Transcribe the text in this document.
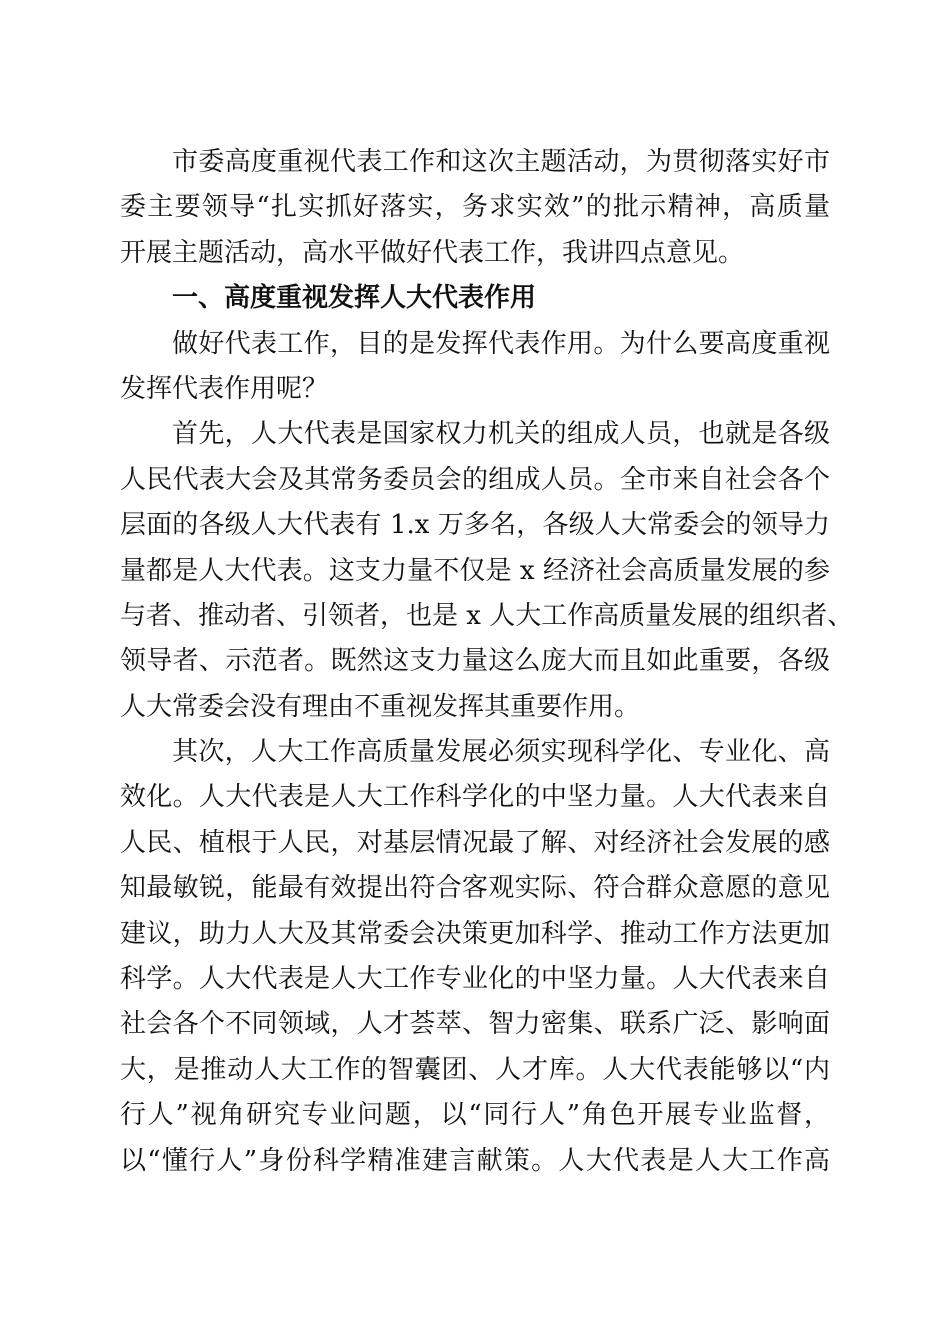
市委高度重视代表工作和这次主题活动，为贯彻落实好市
委主要领导“扎实抓好落实，务求实效”的批示精神，高质量
开展主题活动，高水平做好代表工作，我讲四点意见。
一、高度重视发挥人大代表作用
做好代表工作，目的是发挥代表作用。为什么要高度重视
发挥代表作用呢？
首先，人大代表是国家权力机关的组成人员，也就是各级
人民代表大会及其常务委员会的组成人员。全市来自社会各个
层面的各级人大代表有 1.x 万多名，各级人大常委会的领导力
量都是人大代表。这支力量不仅是 x 经济社会高质量发展的参
与者、推动者、引领者，也是 x 人大工作高质量发展的组织者、
领导者、示范者。既然这支力量这么庞大而且如此重要，各级
人大常委会没有理由不重视发挥其重要作用。
其次，人大工作高质量发展必须实现科学化、专业化、高
效化。人大代表是人大工作科学化的中坚力量。人大代表来自
人民、植根于人民，对基层情况最了解、对经济社会发展的感
知最敏锐，能最有效提出符合客观实际、符合群众意愿的意见
建议，助力人大及其常委会决策更加科学、推动工作方法更加
科学。人大代表是人大工作专业化的中坚力量。人大代表来自
社会各个不同领域，人才荟萃、智力密集、联系广泛、影响面
大，是推动人大工作的智囊团、人才库。人大代表能够以“内
行人”视角研究专业问题，以“同行人”角色开展专业监督，
以“懂行人”身份科学精准建言献策。人大代表是人大工作高
